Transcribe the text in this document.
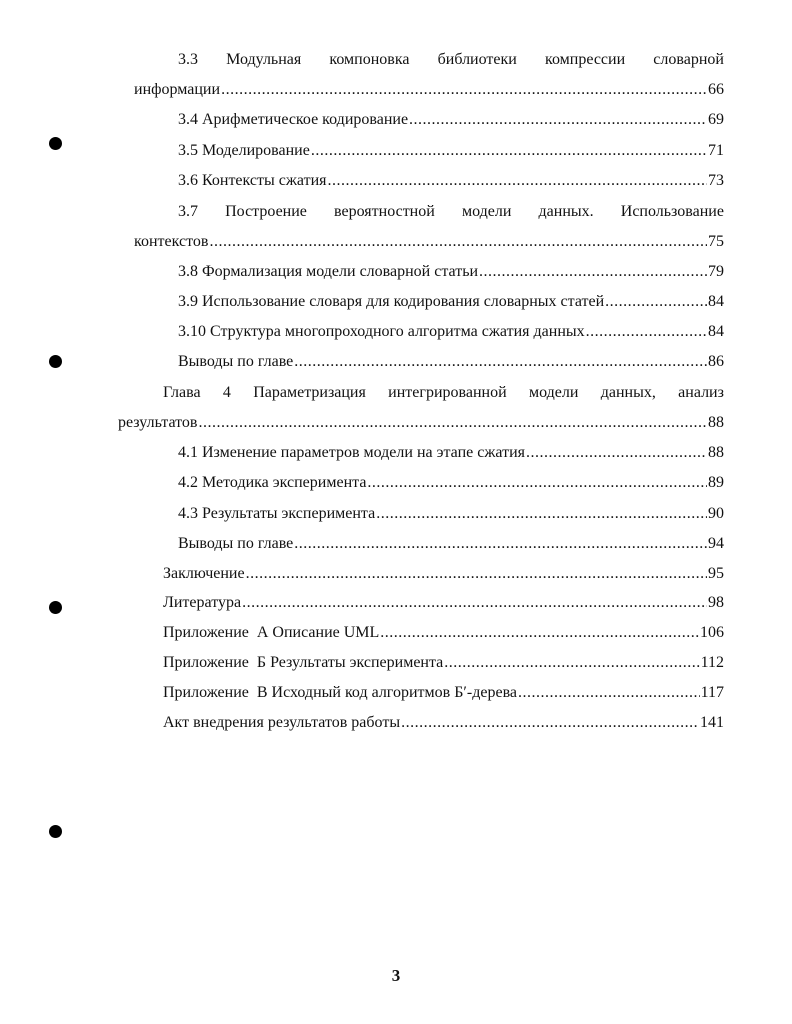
3.3 Модульная компоновка библиотеки компрессии словарной
информации .....	66
3.4 Арифметическое кодирование .....	69
3.5 Моделирование .....	71
3.6 Контексты сжатия .....	73
3.7 Построение вероятностной модели данных. Использование
контекстов .....	75
3.8 Формализация модели словарной статьи .....	79
3.9 Использование словаря для кодирования словарных статей .....	84
3.10 Структура многопроходного алгоритма сжатия данных .....	84
Выводы по главе .....	86
Глава 4 Параметризация интегрированной модели данных, анализ
результатов .....	88
4.1 Изменение параметров модели на этапе сжатия .....	88
4.2 Методика эксперимента .....	89
4.3 Результаты эксперимента .....	90
Выводы по главе .....	94
Заключение .....	95
Литература .....	98
Приложение  А Описание UML .....	106
Приложение  Б Результаты эксперимента .....	112
Приложение  В Исходный код алгоритмов Б′-дерева .....	117
Акт внедрения результатов работы .....	141
3
